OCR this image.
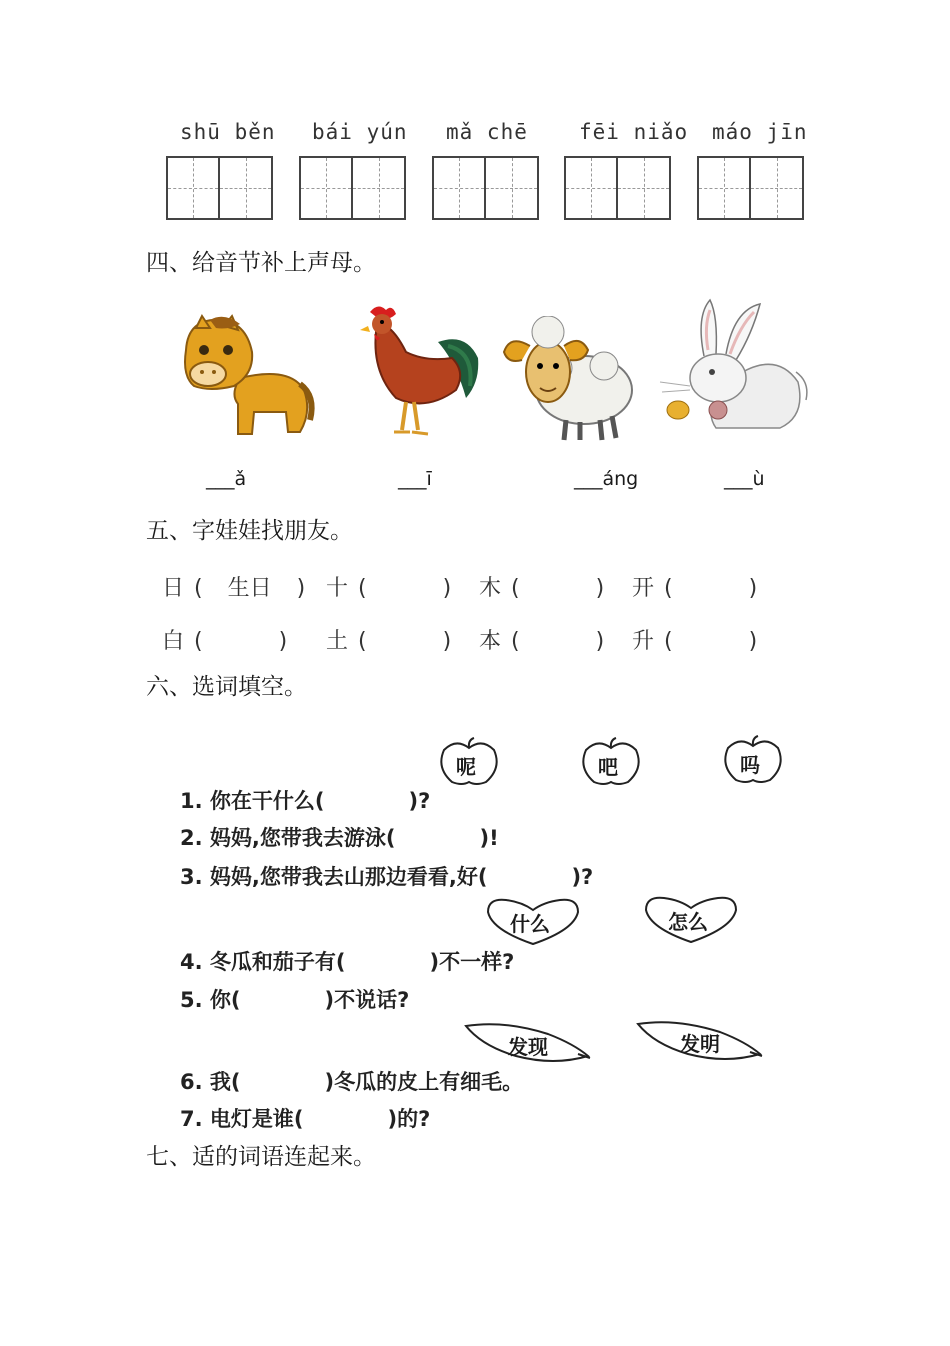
shū běn bái yún mǎ chē fēi niǎo máo jīn
四、给音节补上声母。
___ǎ	___ī	___áng	___ù
五、字娃娃找朋友。
日 ( 生日 ) 十 (	) 木 (	) 开 (	)
白 (	) 土 (	) 本 (	) 升 (	)
六、选词填空。
呢	吧	吗
1. 你在干什么(　　　　)?
2. 妈妈,您带我去游泳(　　　　)!
3. 妈妈,您带我去山那边看看,好(　　　　)?
什么	怎么
4. 冬瓜和茄子有(　　　　)不一样?
5. 你(　　　　)不说话?
发现	发明
6. 我(　　　　)冬瓜的皮上有细毛。
7. 电灯是谁(　　　　)的?
七、适的词语连起来。
